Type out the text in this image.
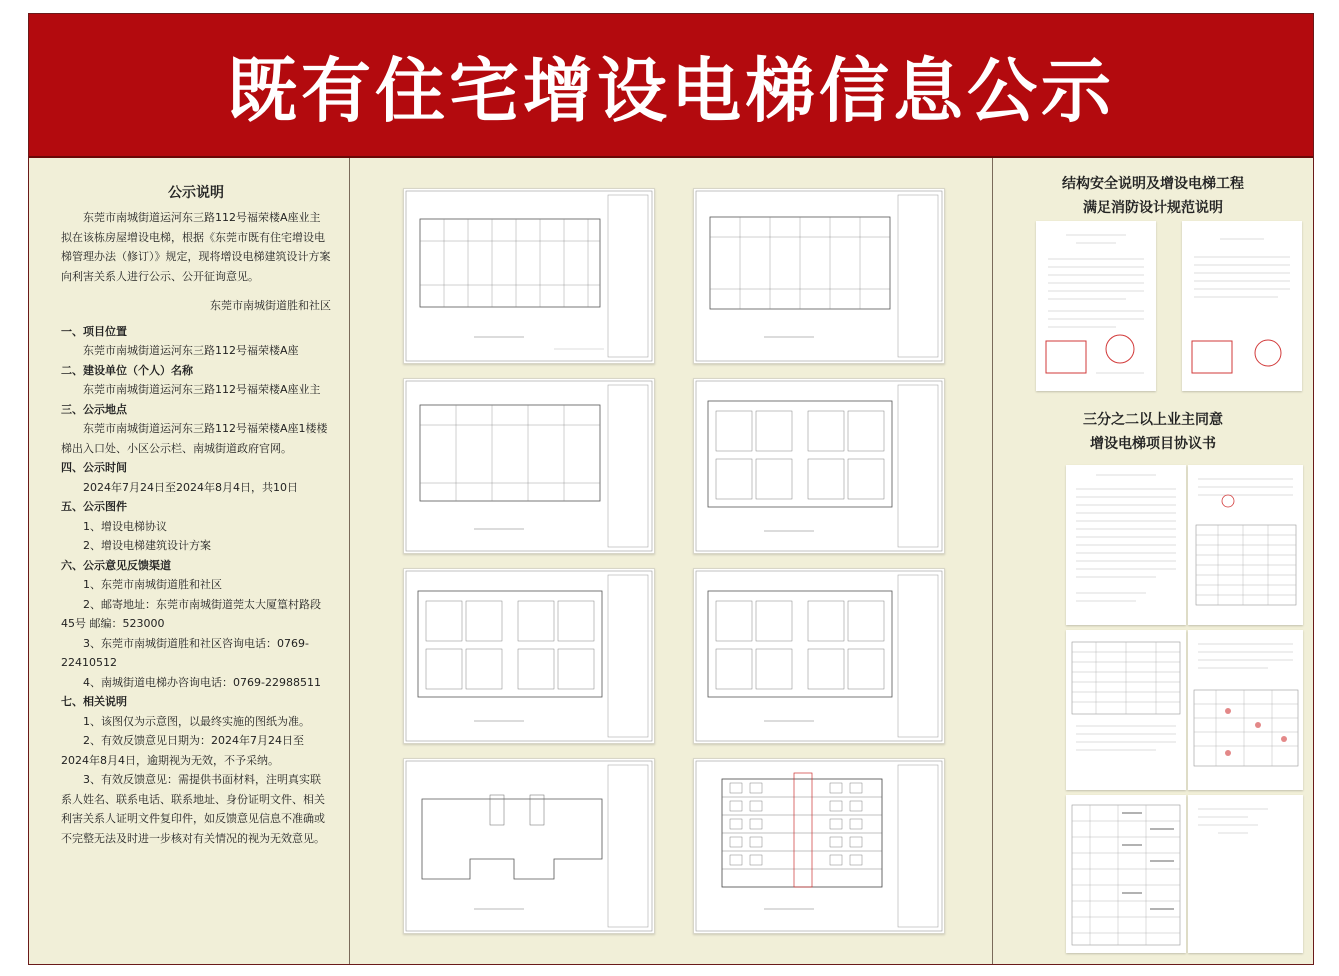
既有住宅增设电梯信息公示
公示说明

东莞市南城街道运河东三路112号福荣楼A座业主拟在该栋房屋增设电梯，根据《东莞市既有住宅增设电梯管理办法（修订）》规定，现将增设电梯建筑设计方案向利害关系人进行公示、公开征询意见。

东莞市南城街道胜和社区

一、项目位置

东莞市南城街道运河东三路112号福荣楼A座

二、建设单位（个人）名称

东莞市南城街道运河东三路112号福荣楼A座业主

三、公示地点

东莞市南城街道运河东三路112号福荣楼A座1楼楼梯出入口处、小区公示栏、南城街道政府官网。

四、公示时间

2024年7月24日至2024年8月4日，共10日

五、公示图件

1、增设电梯协议

2、增设电梯建筑设计方案

六、公示意见反馈渠道

1、东莞市南城街道胜和社区

2、邮寄地址：东莞市南城街道莞太大厦篁村路段45号 邮编：523000

3、东莞市南城街道胜和社区咨询电话：0769-22410512

4、南城街道电梯办咨询电话：0769-22988511

七、相关说明

1、该图仅为示意图，以最终实施的图纸为准。

2、有效反馈意见日期为：2024年7月24日至2024年8月4日，逾期视为无效，不予采纳。

3、有效反馈意见：需提供书面材料，注明真实联系人姓名、联系电话、联系地址、身份证明文件、相关利害关系人证明文件复印件，如反馈意见信息不准确或不完整无法及时进一步核对有关情况的视为无效意见。

结构安全说明及增设电梯工程

满足消防设计规范说明

三分之二以上业主同意

增设电梯项目协议书
